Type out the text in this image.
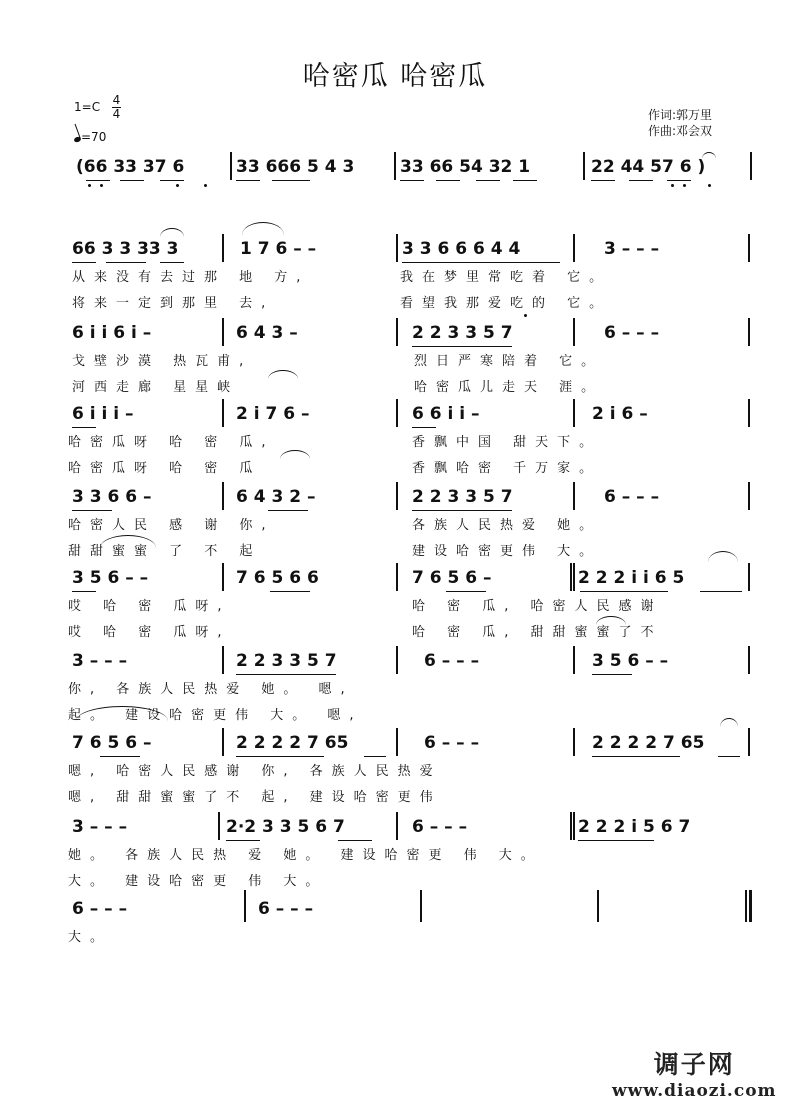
哈密瓜 哈密瓜
1=C 4
4
=70
作词:郭万里
作曲:邓会双
(66 33 37 6	33 666 5 4 3	33 66 54 32 1	22 44 57 6 )
66 3 3 33 3	1 7 6 – –	3 3 6 6 6 4 4	3 – – –
从来没有去过那 地 方,	我在梦里常吃着 它。
将来一定到那里 去,	看望我那爱吃的 它。
6 i i 6 i –	6 4 3 –	2 2 3 3 5 7	6 – – –
戈壁沙漠 热瓦甫,	烈日严寒陪着 它。
河西走廊 星星峡	哈密瓜儿走天 涯。
6 i i i –	2 i 7 6 –	6 6 i i –	2 i 6 –
哈密瓜呀 哈 密 瓜,	香飘中国 甜天下。
哈密瓜呀 哈 密 瓜	香飘哈密 千万家。
3 3 6 6 –	6 4 3 2 –	2 2 3 3 5 7	6 – – –
哈密人民 感 谢 你,	各族人民热爱 她。
甜甜蜜蜜 了 不 起	建设哈密更伟 大。
3 5 6 – –	7 6 5 6 6	7 6 5 6 –	2 2 2 i i 6 5
哎 哈 密 瓜呀,	哈 密 瓜, 哈密人民感谢
哎 哈 密 瓜呀,	哈 密 瓜, 甜甜蜜蜜了不
3 – – –	2 2 3 3 5 7	6 – – –	3 5 6 – –
你, 各族人民热爱 她。 嗯,
起。 建设哈密更伟 大。 嗯,
7 6 5 6 –	2 2 2 2 7 65	6 – – –	2 2 2 2 7 65
嗯, 哈密人民感谢 你, 各族人民热爱
嗯, 甜甜蜜蜜了不 起, 建设哈密更伟
3 – – –	2·2 3 3 5 6 7	6 – – –	2 2 2 i 5 6 7
她。 各族人民热 爱 她。 建设哈密更 伟 大。
大。 建设哈密更 伟 大。
6 – – –	6 – – –
大。
调子网
www.diaozi.com
